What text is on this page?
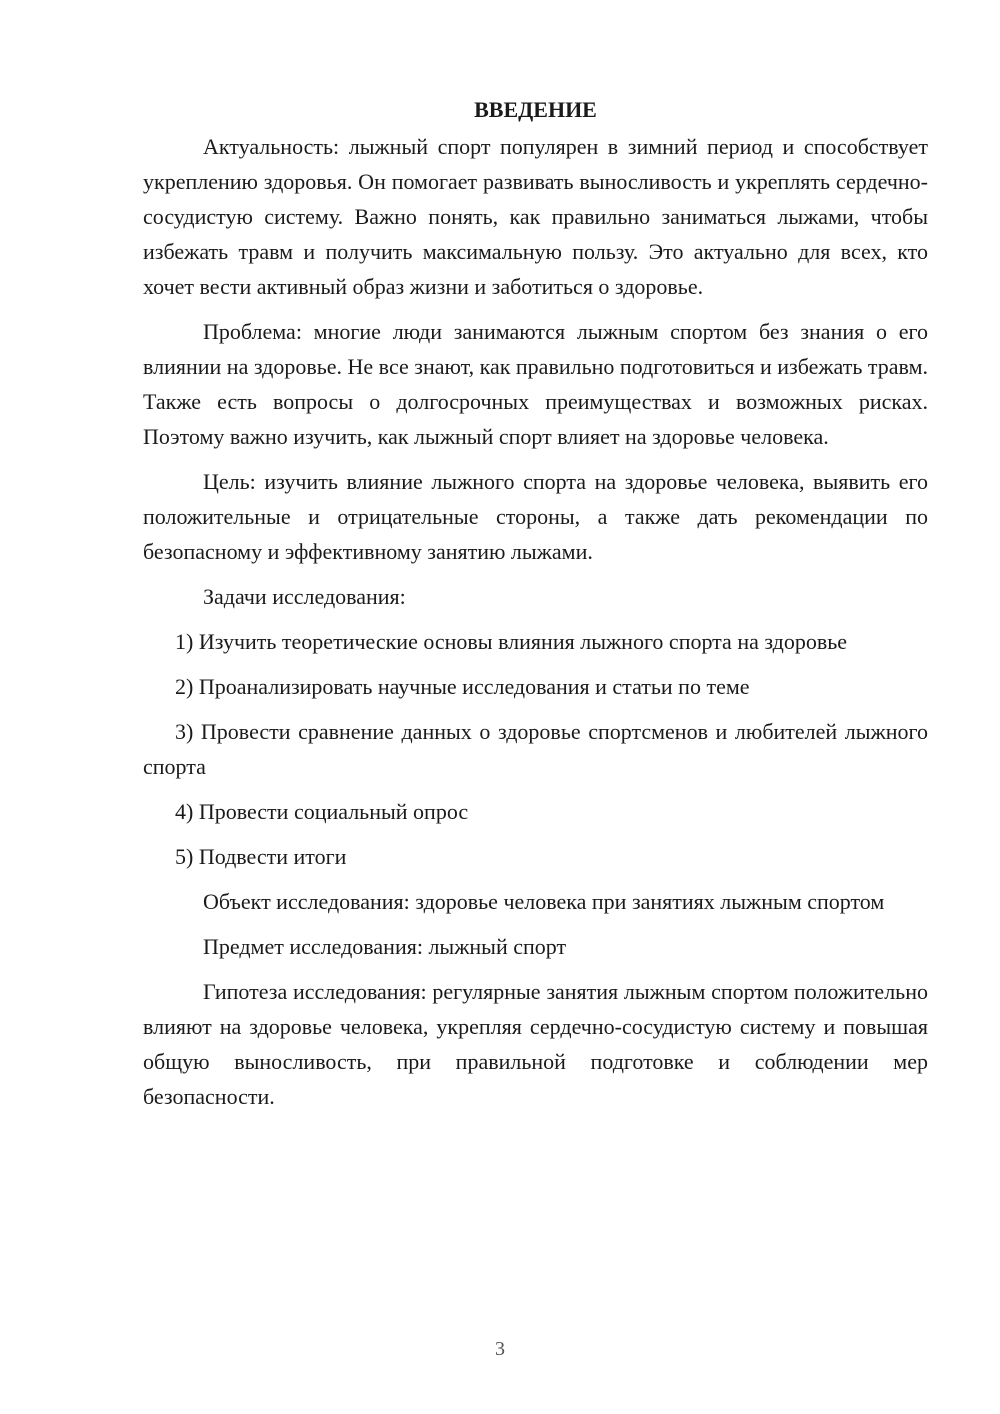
ВВЕДЕНИЕ

Актуальность: лыжный спорт популярен в зимний период и способствует укреплению здоровья. Он помогает развивать выносливость и укреплять сердечно-сосудистую систему. Важно понять, как правильно заниматься лыжами, чтобы избежать травм и получить максимальную пользу. Это актуально для всех, кто хочет вести активный образ жизни и заботиться о здоровье.

Проблема: многие люди занимаются лыжным спортом без знания о его влиянии на здоровье. Не все знают, как правильно подготовиться и избежать травм. Также есть вопросы о долгосрочных преимуществах и возможных рисках. Поэтому важно изучить, как лыжный спорт влияет на здоровье человека.

Цель: изучить влияние лыжного спорта на здоровье человека, выявить его положительные и отрицательные стороны, а также дать рекомендации по безопасному и эффективному занятию лыжами.

Задачи исследования:

1) Изучить теоретические основы влияния лыжного спорта на здоровье

2) Проанализировать научные исследования и статьи по теме

3) Провести сравнение данных о здоровье спортсменов и любителей лыжного спорта

4) Провести социальный опрос

5) Подвести итоги

Объект исследования: здоровье человека при занятиях лыжным спортом

Предмет исследования: лыжный спорт

Гипотеза исследования: регулярные занятия лыжным спортом положительно влияют на здоровье человека, укрепляя сердечно-сосудистую систему и повышая общую выносливость, при правильной подготовке и соблюдении мер безопасности.

3
